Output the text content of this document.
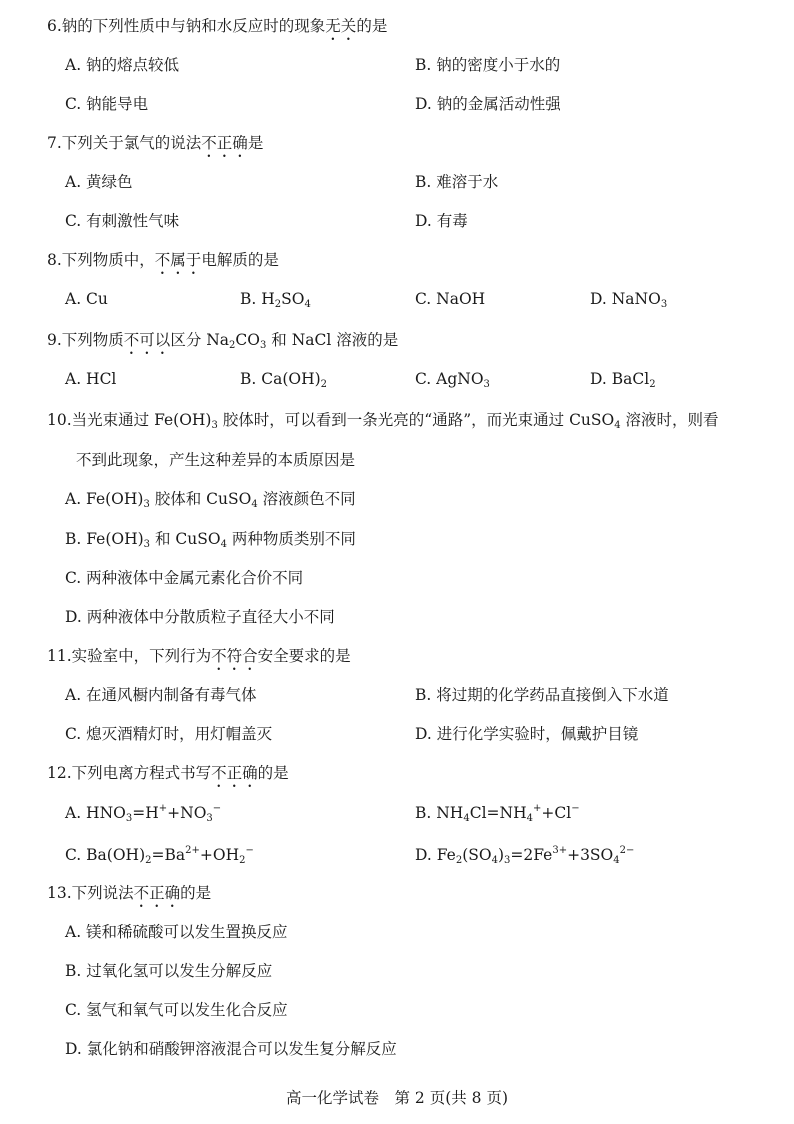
6.钠的下列性质中与钠和水反应时的现象无关的是
A. 钠的熔点较低	B. 钠的密度小于水的
C. 钠能导电	D. 钠的金属活动性强
7.下列关于氯气的说法不正确是
A. 黄绿色	B. 难溶于水
C. 有刺激性气味	D. 有毒
8.下列物质中，不属于电解质的是
A. Cu	B. $H_2SO_4$	C. NaOH	D. NaNO$_3$
9.下列物质不可以区分 $Na_2CO_3$ 和 NaCl 溶液的是
A. HCl	B. $Ca(OH)_2$	C. AgNO$_3$	D. BaCl$_2$
10.当光束通过 $Fe(OH)_3$ 胶体时，可以看到一条光亮的“通路”，而光束通过 CuSO$_4$ 溶液时，则看
不到此现象，产生这种差异的本质原因是
A. $Fe(OH)_3$ 胶体和 CuSO$_4$ 溶液颜色不同
B. $Fe(OH)_3$ 和 CuSO$_4$ 两种物质类别不同
C. 两种液体中金属元素化合价不同
D. 两种液体中分散质粒子直径大小不同
11.实验室中，下列行为不符合安全要求的是
A. 在通风橱内制备有毒气体	B. 将过期的化学药品直接倒入下水道
C. 熄灭酒精灯时，用灯帽盖灭	D. 进行化学实验时，佩戴护目镜
12.下列电离方程式书写不正确的是
A. $HNO_3=H^++NO_3^-$	B. $NH_4Cl=NH_4^++Cl^-$
C. $Ba(OH)_2=Ba^{2+}+OH_2^-$	D. $Fe_2(SO_4)_3=2Fe^{3+}+3SO_4^{2-}$
13.下列说法不正确的是
A. 镁和稀硫酸可以发生置换反应
B. 过氧化氢可以发生分解反应
C. 氢气和氧气可以发生化合反应
D. 氯化钠和硝酸钾溶液混合可以发生复分解反应
高一化学试卷　第 2 页(共 8 页)
